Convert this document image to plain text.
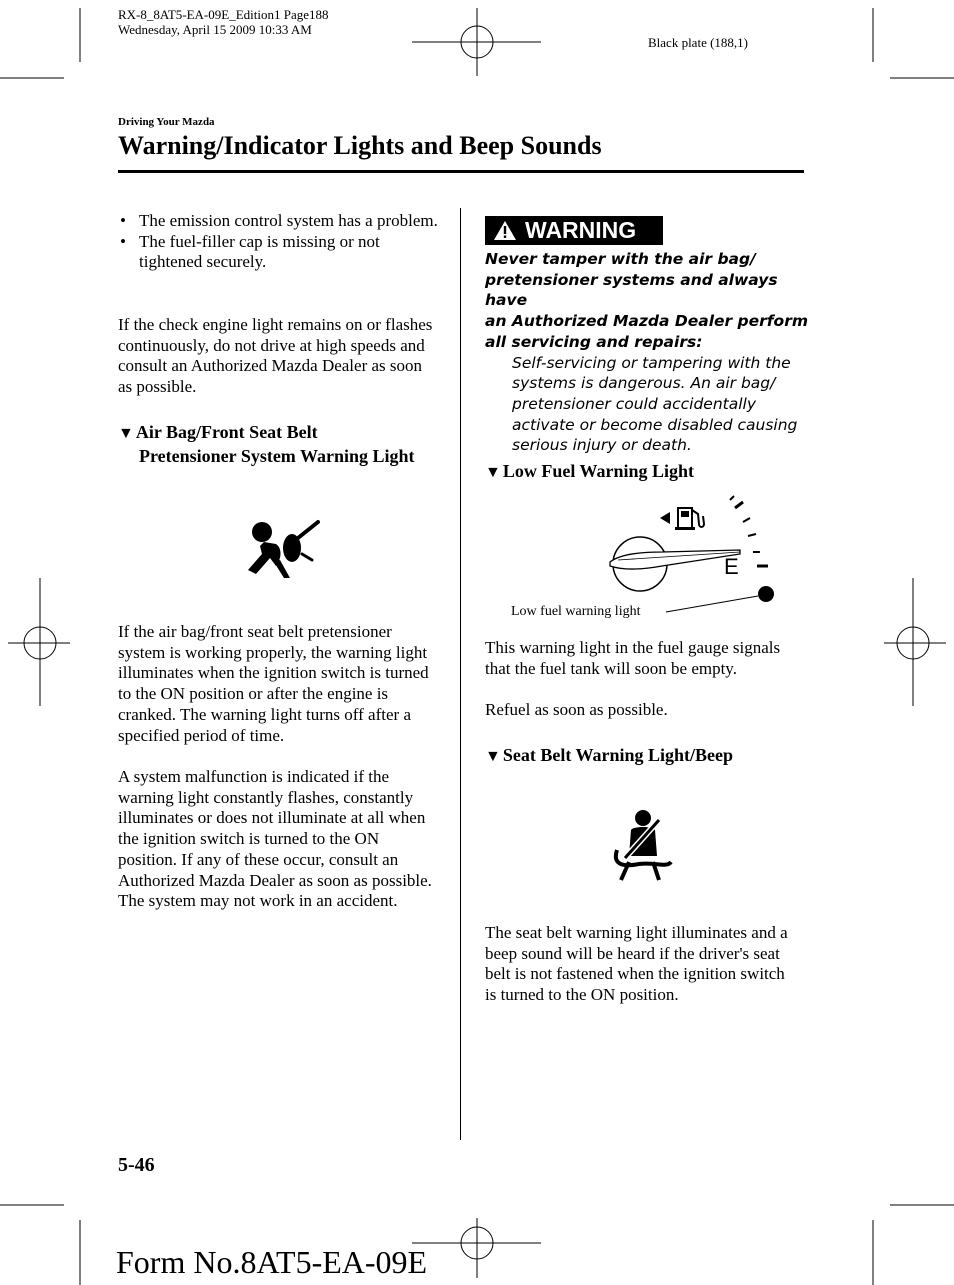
RX-8_8AT5-EA-09E_Edition1 Page188
Wednesday, April 15 2009 10:33 AM
Black plate (188,1)
Driving Your Mazda
Warning/Indicator Lights and Beep Sounds
• The emission control system has a problem.
• The fuel-filler cap is missing or not tightened securely.
If the check engine light remains on or flashes continuously, do not drive at high speeds and consult an Authorized Mazda Dealer as soon as possible.
▼ Air Bag/Front Seat Belt
Pretensioner System Warning Light
If the air bag/front seat belt pretensioner system is working properly, the warning light illuminates when the ignition switch is turned to the ON position or after the engine is cranked. The warning light turns off after a specified period of time.
A system malfunction is indicated if the warning light constantly flashes, constantly illuminates or does not illuminate at all when the ignition switch is turned to the ON position. If any of these occur, consult an Authorized Mazda Dealer as soon as possible. The system may not work in an accident.
WARNING
Never tamper with the air bag/
pretensioner systems and always have
an Authorized Mazda Dealer perform
all servicing and repairs:
Self-servicing or tampering with the
systems is dangerous. An air bag/
pretensioner could accidentally
activate or become disabled causing
serious injury or death.
▼ Low Fuel Warning Light
E
Low fuel warning light
This warning light in the fuel gauge signals that the fuel tank will soon be empty.
Refuel as soon as possible.
▼ Seat Belt Warning Light/Beep
The seat belt warning light illuminates and a beep sound will be heard if the driver's seat belt is not fastened when the ignition switch is turned to the ON position.
5-46
Form No.8AT5-EA-09E
